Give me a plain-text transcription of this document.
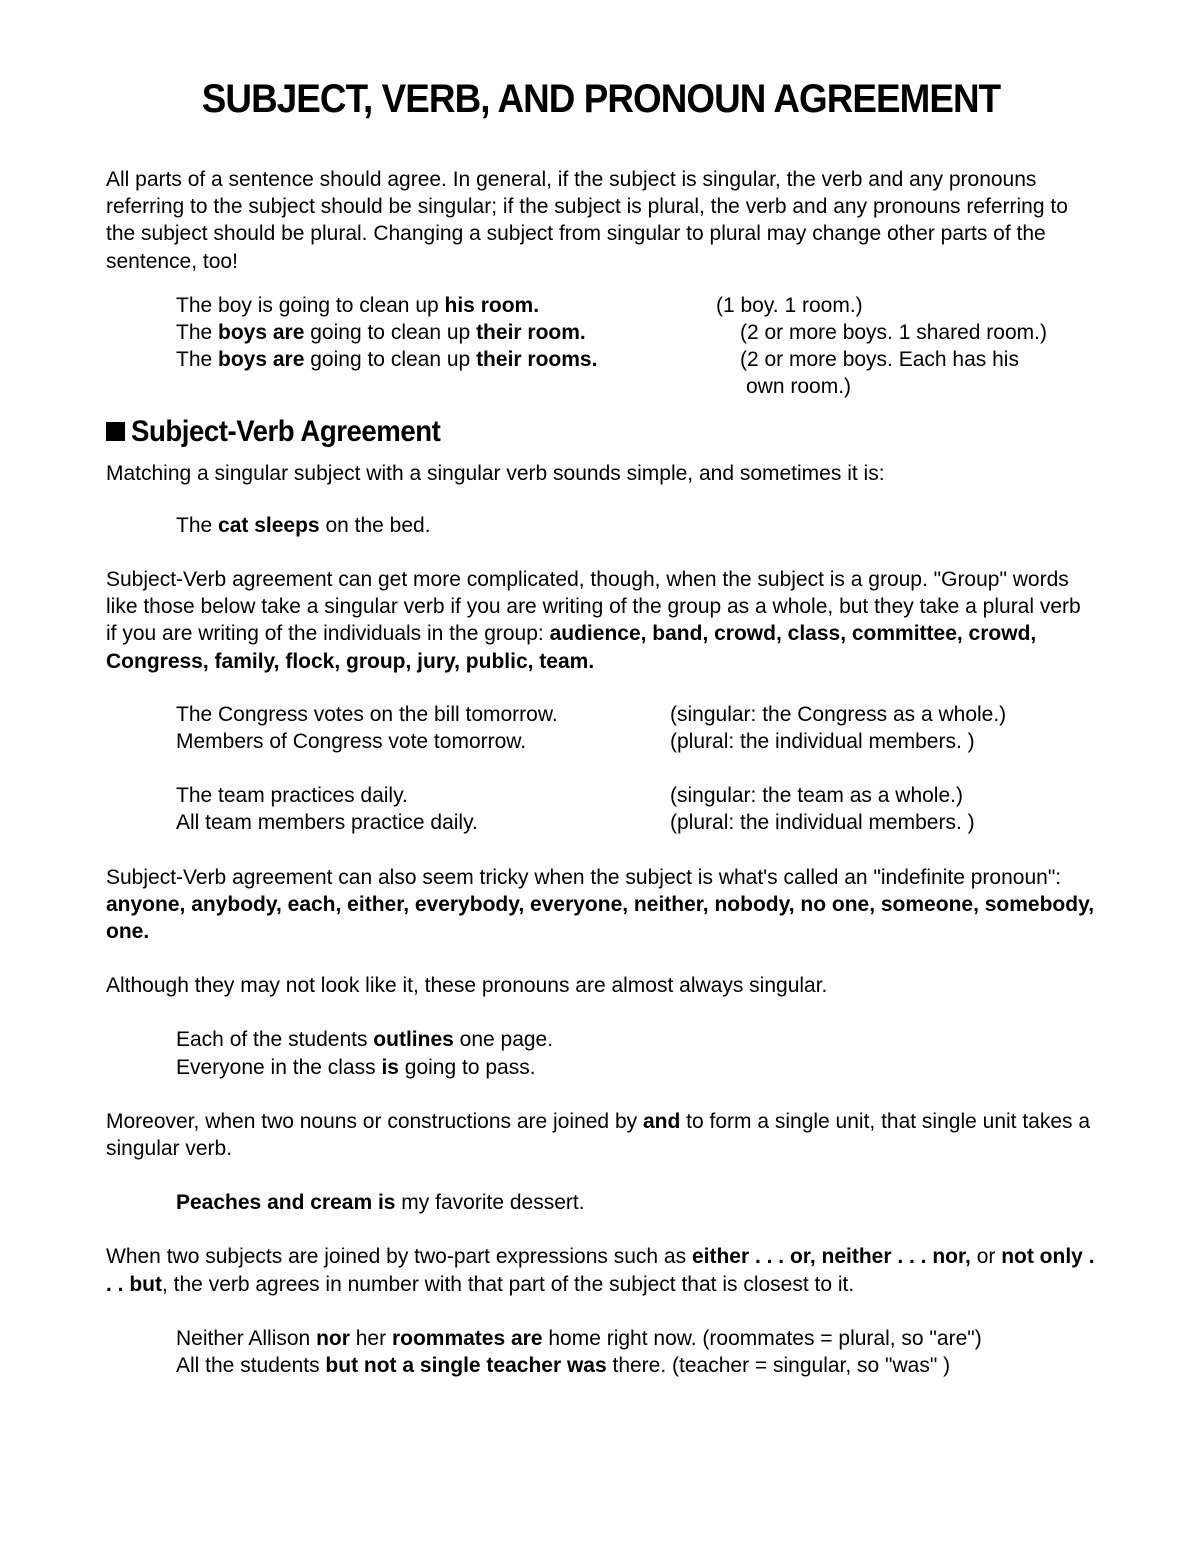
SUBJECT, VERB, AND PRONOUN AGREEMENT

All parts of a sentence should agree. In general, if the subject is singular, the verb and any pronouns referring to the subject should be singular; if the subject is plural, the verb and any pronouns referring to the subject should be plural. Changing a subject from singular to plural may change other parts of the sentence, too!

The boy is going to clean up his room.	(1 boy. 1 room.)
The boys are going to clean up their room.	(2 or more boys. 1 shared room.)
The boys are going to clean up their rooms.	(2 or more boys. Each has his
own room.)
Subject-Verb Agreement

Matching a singular subject with a singular verb sounds simple, and sometimes it is:

The cat sleeps on the bed.

Subject-Verb agreement can get more complicated, though, when the subject is a group. "Group" words like those below take a singular verb if you are writing of the group as a whole, but they take a plural verb if you are writing of the individuals in the group: audience, band, crowd, class, committee, crowd, Congress, family, flock, group, jury, public, team.

The Congress votes on the bill tomorrow.	(singular: the Congress as a whole.)
Members of Congress vote tomorrow.	(plural: the individual members. )
The team practices daily.	(singular: the team as a whole.)
All team members practice daily.	(plural: the individual members. )

Subject-Verb agreement can also seem tricky when the subject is what's called an "indefinite pronoun": anyone, anybody, each, either, everybody, everyone, neither, nobody, no one, someone, somebody, one.

Although they may not look like it, these pronouns are almost always singular.

Each of the students outlines one page.
Everyone in the class is going to pass.

Moreover, when two nouns or constructions are joined by and to form a single unit, that single unit takes a singular verb.

Peaches and cream is my favorite dessert.

When two subjects are joined by two-part expressions such as either . . . or, neither . . . nor, or not only . . . but, the verb agrees in number with that part of the subject that is closest to it.

Neither Allison nor her roommates are home right now. (roommates = plural, so "are")
All the students but not a single teacher was there. (teacher = singular, so "was" )
